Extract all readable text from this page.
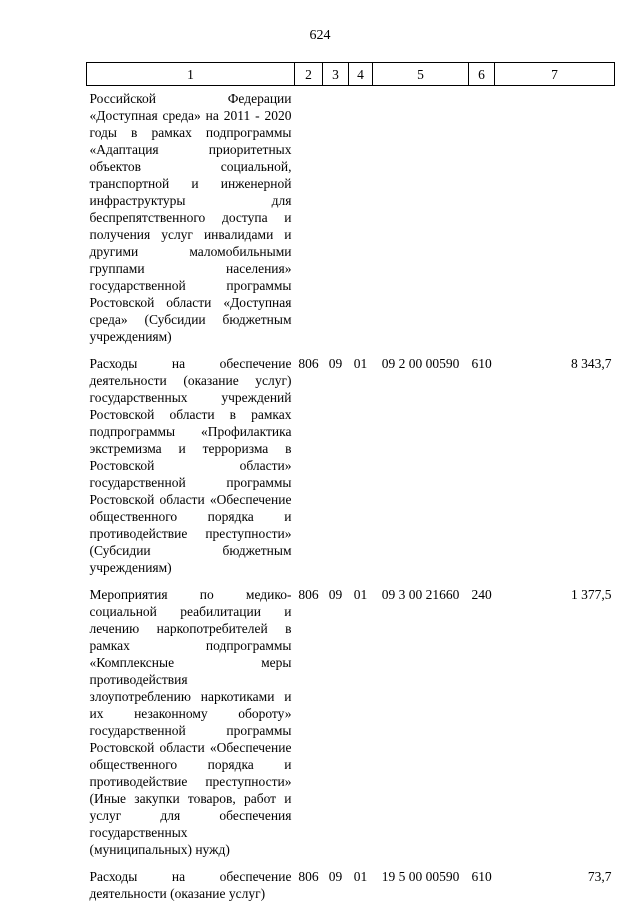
624
1	2	3	4	5	6	7
Российской Федерации «Доступная среда» на 2011 - 2020 годы в рамках подпрограммы «Адаптация приоритетных объектов социальной, транспортной и инженерной инфраструктуры для беспрепятственного доступа и получения услуг инвалидами и другими маломобильными группами населения» государственной программы Ростовской области «Доступная среда» (Субсидии бюджетным учреждениям)						
Расходы на обеспечение деятельности (оказание услуг) государственных учреждений Ростовской области в рамках подпрограммы «Профилактика экстремизма и терроризма в Ростовской области» государственной программы Ростовской области «Обеспечение общественного порядка и противодействие преступности» (Субсидии бюджетным учреждениям)	806	09	01	09 2 00 00590	610	8 343,7
Мероприятия по медико-социальной реабилитации и лечению наркопотребителей в рамках подпрограммы «Комплексные меры противодействия злоупотреблению наркотиками и их незаконному обороту» государственной программы Ростовской области «Обеспечение общественного порядка и противодействие преступности» (Иные закупки товаров, работ и услуг для обеспечения государственных (муниципальных) нужд)	806	09	01	09 3 00 21660	240	1 377,5
Расходы на обеспечение деятельности (оказание услуг)	806	09	01	19 5 00 00590	610	73,7
